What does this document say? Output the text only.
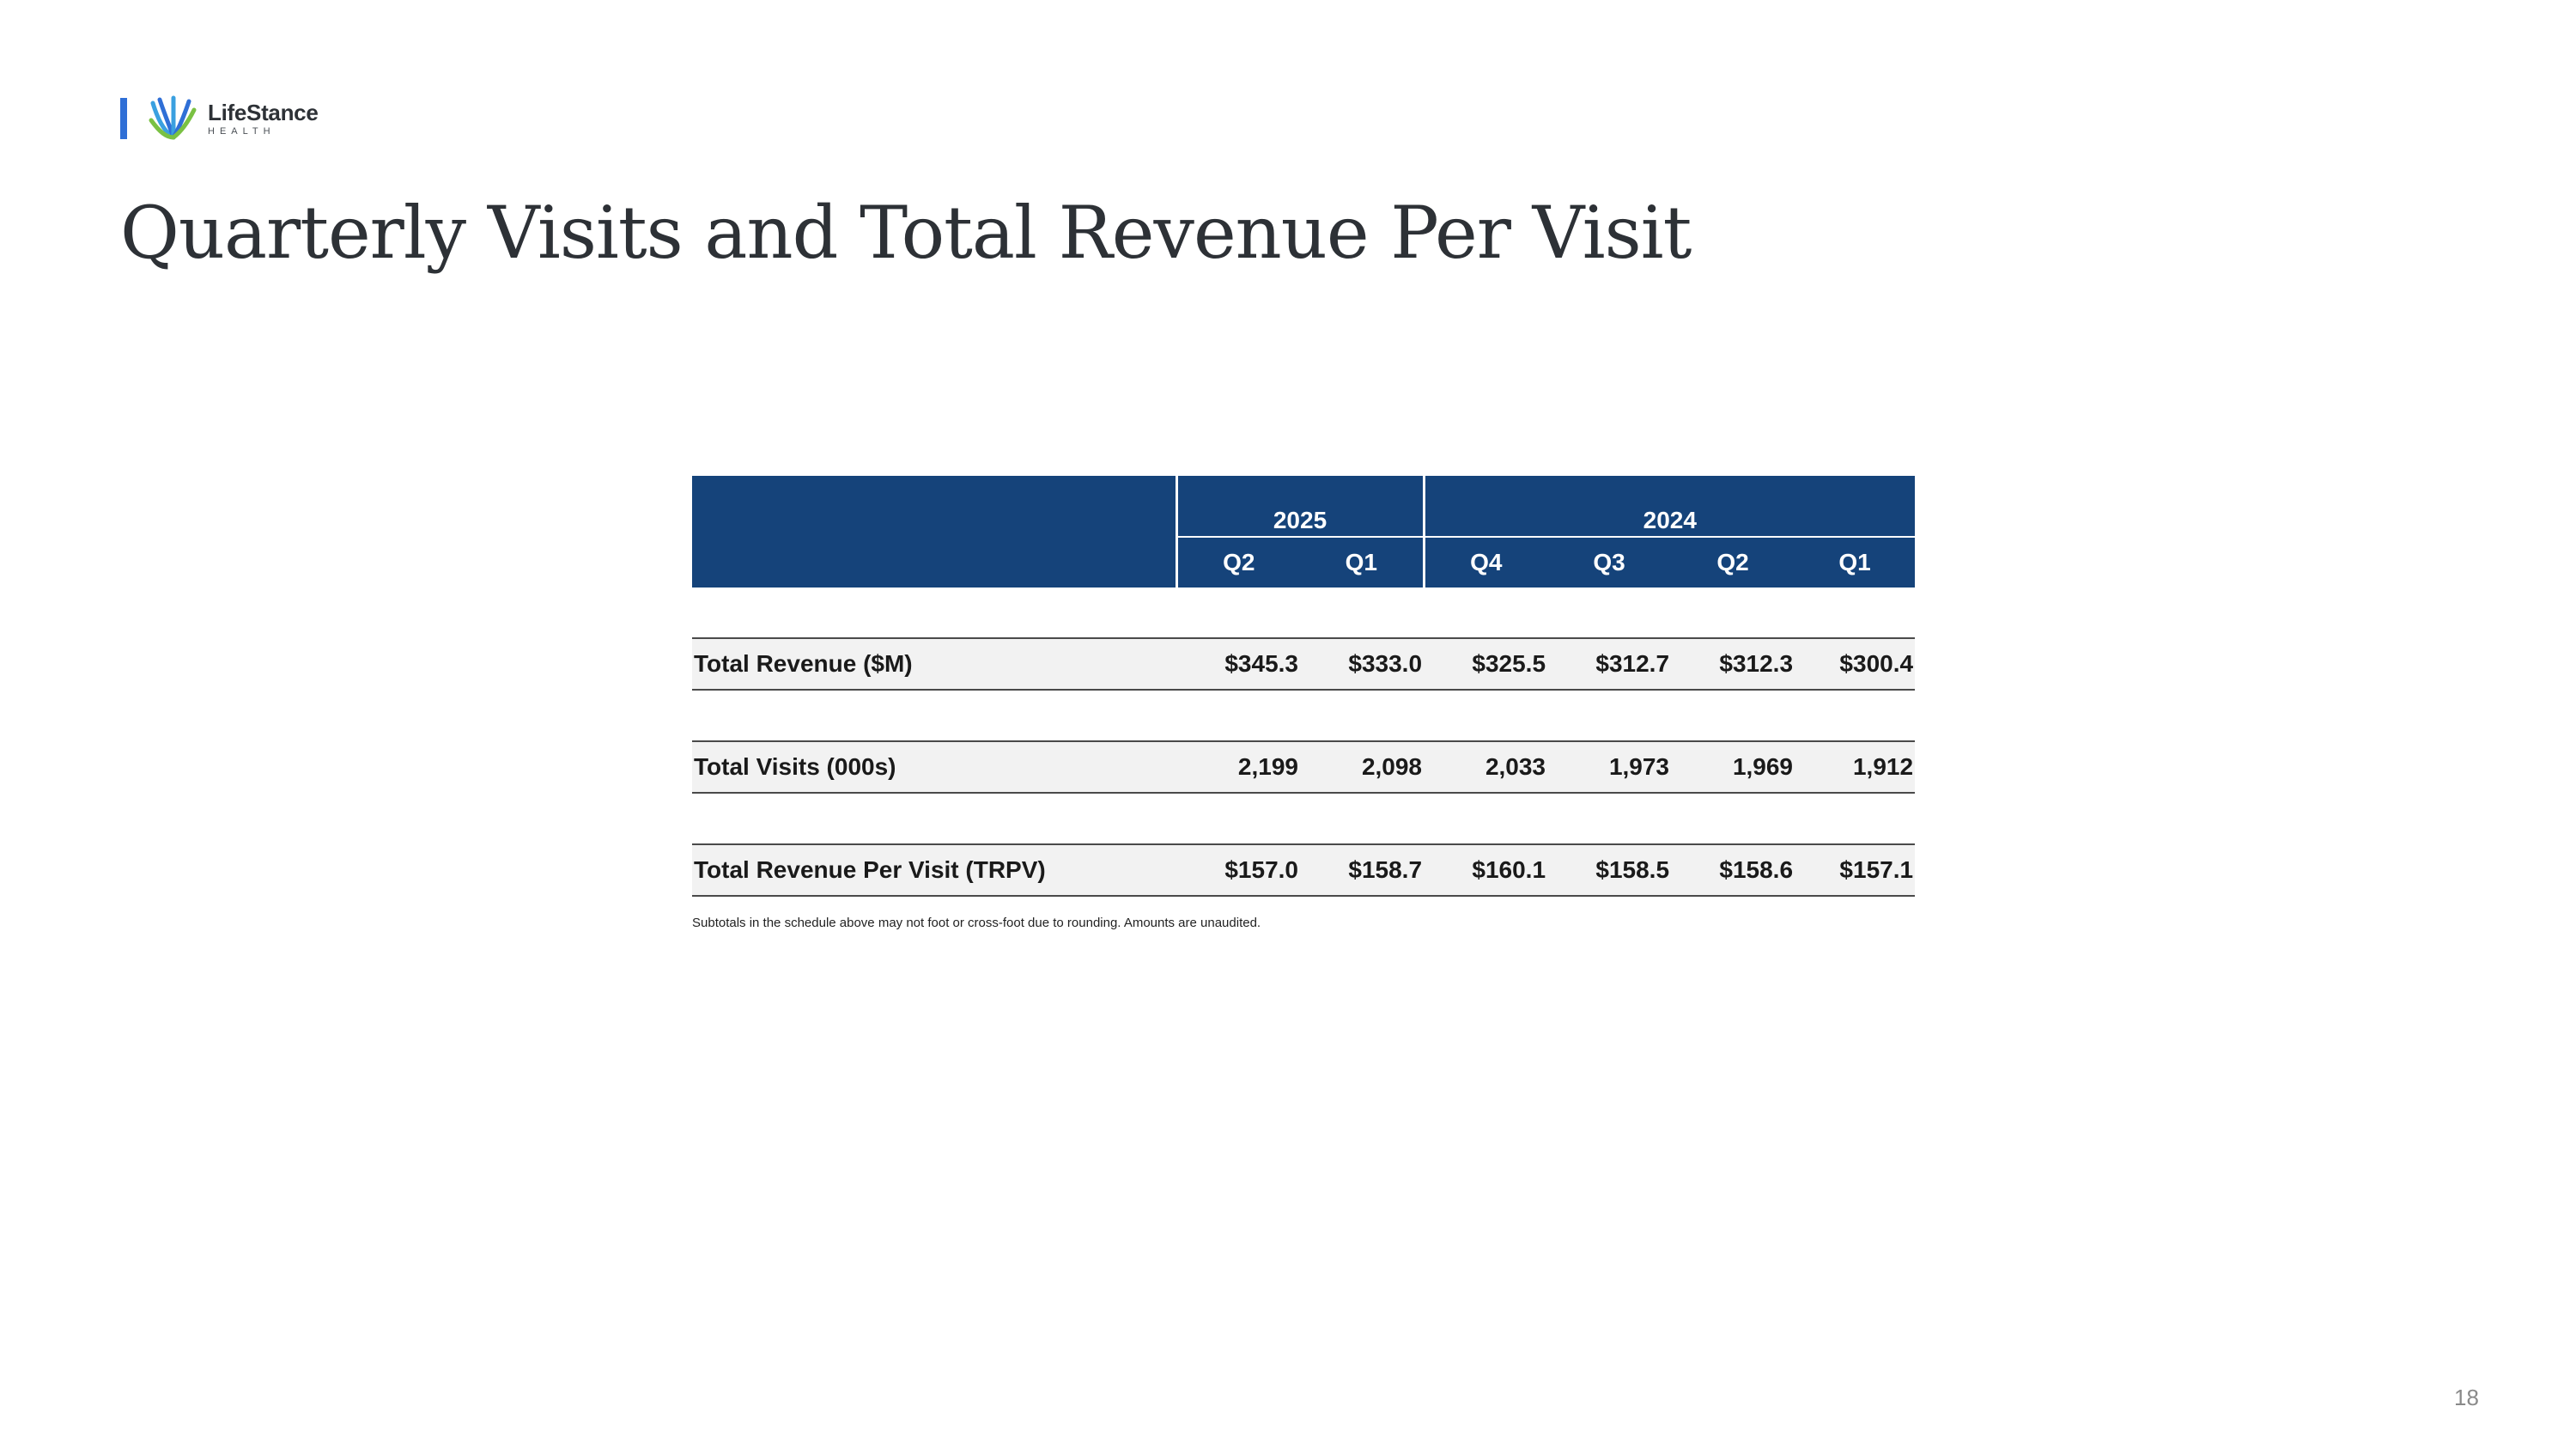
LifeStance
HEALTH
Quarterly Visits and Total Revenue Per Visit
	2025		2024			
	Q2	Q1	Q4	Q3	Q2	Q1

Total Revenue ($M)	$345.3	$333.0	$325.5	$312.7	$312.3	$300.4

Total Visits (000s)	2,199	2,098	2,033	1,973	1,969	1,912

Total Revenue Per Visit (TRPV)	$157.0	$158.7	$160.1	$158.5	$158.6	$157.1
Subtotals in the schedule above may not foot or cross-foot due to rounding. Amounts are unaudited.
18
